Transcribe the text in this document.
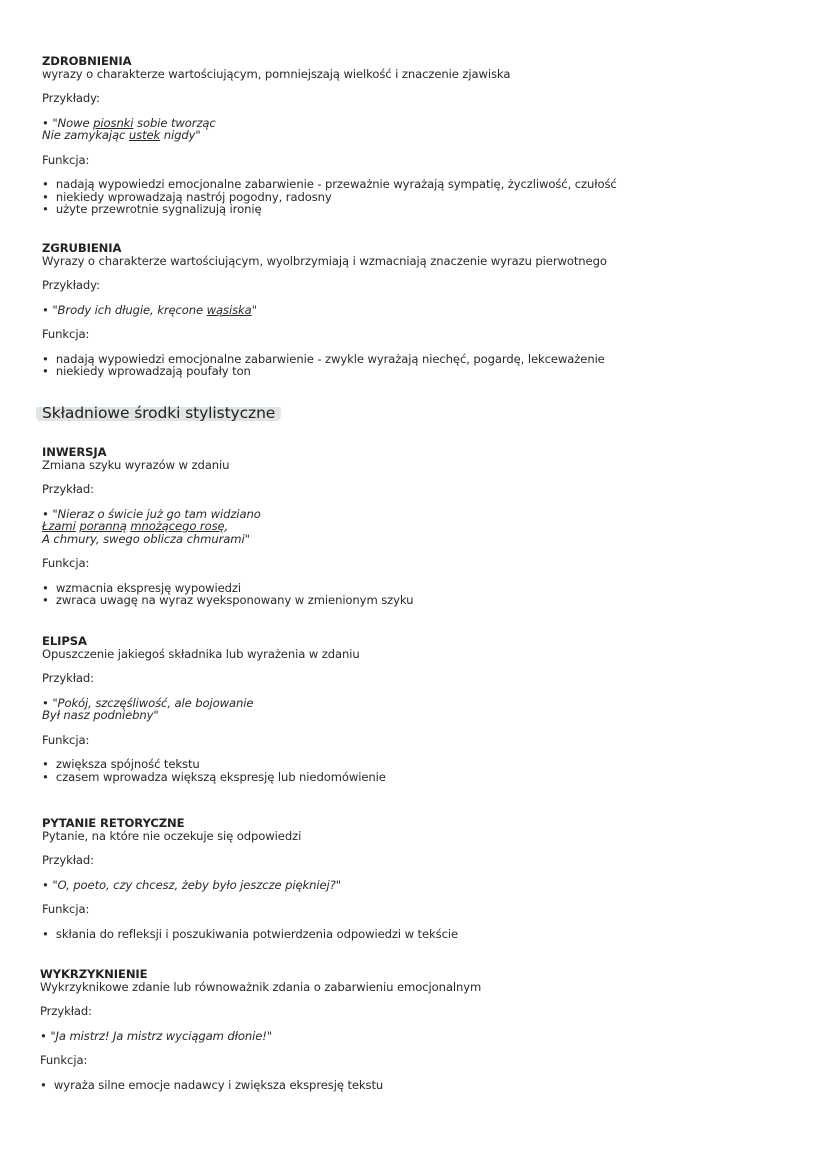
Składniowe środki stylistyczne
ZDROBNIENIA

wyrazy o charakterze wartościującym, pomniejszają wielkość i znaczenie zjawiska

Przykłady:

• "Nowe piosnki sobie tworząc
Nie zamykając ustek nigdy"

Funkcja:

•  nadają wypowiedzi emocjonalne zabarwienie - przeważnie wyrażają sympatię, życzliwość, czułość
•  niekiedy wprowadzają nastrój pogodny, radosny
•  użyte przewrotnie sygnalizują ironię
ZGRUBIENIA

Wyrazy o charakterze wartościującym, wyolbrzymiają i wzmacniają znaczenie wyrazu pierwotnego

Przykłady:

• "Brody ich długie, kręcone wąsiska"

Funkcja:

•  nadają wypowiedzi emocjonalne zabarwienie - zwykle wyrażają niechęć, pogardę, lekceważenie
•  niekiedy wprowadzają poufały ton
INWERSJA

Zmiana szyku wyrazów w zdaniu

Przykład:

• "Nieraz o świcie już go tam widziano
Łzami poranną mnożącego rosę,
A chmury, swego oblicza chmurami"

Funkcja:

•  wzmacnia ekspresję wypowiedzi
•  zwraca uwagę na wyraz wyeksponowany w zmienionym szyku
ELIPSA

Opuszczenie jakiegoś składnika lub wyrażenia w zdaniu

Przykład:

• "Pokój, szczęśliwość, ale bojowanie
Był nasz podniebny"

Funkcja:

•  zwiększa spójność tekstu
•  czasem wprowadza większą ekspresję lub niedomówienie
PYTANIE RETORYCZNE

Pytanie, na które nie oczekuje się odpowiedzi

Przykład:

• "O, poeto, czy chcesz, żeby było jeszcze piękniej?"

Funkcja:

•  skłania do refleksji i poszukiwania potwierdzenia odpowiedzi w tekście
WYKRZYKNIENIE

Wykrzyknikowe zdanie lub równoważnik zdania o zabarwieniu emocjonalnym

Przykład:

• "Ja mistrz! Ja mistrz wyciągam dłonie!"

Funkcja:

•  wyraża silne emocje nadawcy i zwiększa ekspresję tekstu
